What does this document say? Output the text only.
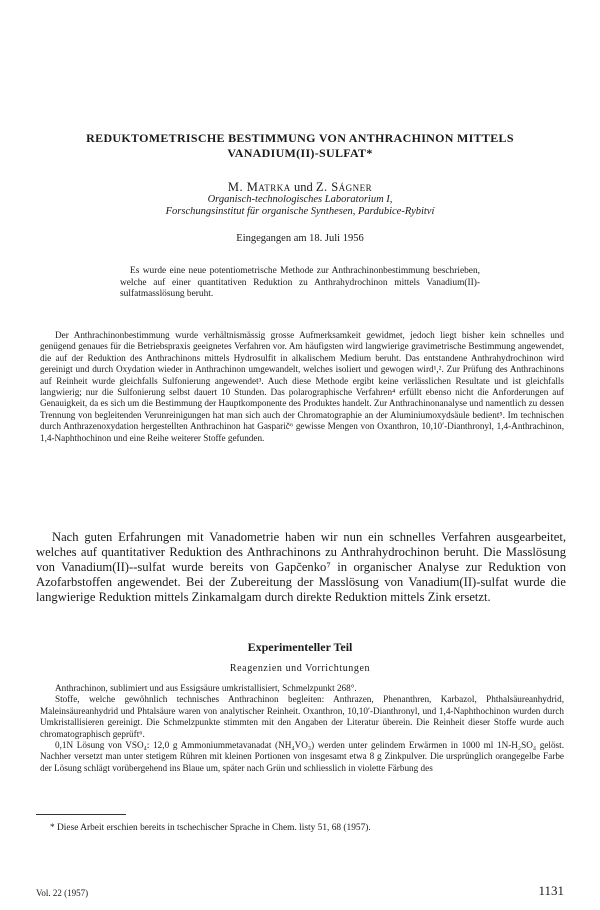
REDUKTOMETRISCHE BESTIMMUNG VON ANTHRACHINON MITTELS
VANADIUM(II)-SULFAT*
M. Matrka und Z. Ságner
Organisch-technologisches Laboratorium I,
Forschungsinstitut für organische Synthesen, Pardubice-Rybitví
Eingegangen am 18. Juli 1956
Es wurde eine neue potentiometrische Methode zur Anthrachinonbestimmung beschrieben, welche auf einer quantitativen Reduktion zu Anthrahydrochinon mittels Vanadium(II)-sulfatmasslösung beruht.
Der Anthrachinonbestimmung wurde verhältnismässig grosse Aufmerksamkeit gewidmet, jedoch liegt bisher kein schnelles und genügend genaues für die Betriebspraxis geeignetes Verfahren vor. Am häufigsten wird langwierige gravimetrische Bestimmung angewendet, die auf der Reduktion des Anthrachinons mittels Hydrosulfit in alkalischem Medium beruht. Das entstandene Anthrahydrochinon wird gereinigt und durch Oxydation wieder in Anthrachinon umgewandelt, welches isoliert und gewogen wird¹,². Zur Prüfung des Anthrachinons auf Reinheit wurde gleichfalls Sulfonierung angewendet³. Auch diese Methode ergibt keine verlässlichen Resultate und ist gleichfalls langwierig; nur die Sulfonierung selbst dauert 10 Stunden. Das polarographische Verfahren⁴ erfüllt ebenso nicht die Anforderungen auf Genauigkeit, da es sich um die Bestimmung der Hauptkomponente des Produktes handelt. Zur Anthrachinonanalyse und namentlich zu dessen Trennung von begleitenden Verunreinigungen hat man sich auch der Chromatographie an der Aluminiumoxydsäule bedient⁵. Im technischen durch Anthrazenoxydation hergestellten Anthrachinon hat Gasparič⁶ gewisse Mengen von Oxanthron, 10,10′-Dianthronyl, 1,4-Anthrachinon, 1,4-Naphthochinon und eine Reihe weiterer Stoffe gefunden.
Nach guten Erfahrungen mit Vanadometrie haben wir nun ein schnelles Verfahren ausgearbeitet, welches auf quantitativer Reduktion des Anthrachinons zu Anthrahydrochinon beruht. Die Masslösung von Vanadium(II)--sulfat wurde bereits von Gapčenko⁷ in organischer Analyse zur Reduktion von Azofarbstoffen angewendet. Bei der Zubereitung der Masslösung von Vanadium(II)-sulfat wurde die langwierige Reduktion mittels Zinkamalgam durch direkte Reduktion mittels Zink ersetzt.
Experimenteller Teil
Reagenzien und Vorrichtungen

Anthrachinon, sublimiert und aus Essigsäure umkristallisiert, Schmelzpunkt 268°.

Stoffe, welche gewöhnlich technisches Anthrachinon begleiten: Anthrazen, Phenanthren, Karbazol, Phthalsäureanhydrid, Maleinsäureanhydrid und Phtalsäure waren von analytischer Reinheit. Oxanthron, 10,10′-Dianthronyl, und 1,4-Naphthochinon wurden durch Umkristallisieren gereinigt. Die Schmelzpunkte stimmten mit den Angaben der Literatur überein. Die Reinheit dieser Stoffe wurde auch chromatographisch geprüft⁶.

0,1N Lösung von VSO₄: 12,0 g Ammoniummetavanadat (NH₄VO₃) werden unter gelindem Erwärmen in 1000 ml 1N-H₂SO₄ gelöst. Nachher versetzt man unter stetigem Rühren mit kleinen Portionen von insgesamt etwa 8 g Zinkpulver. Die ursprünglich orangegelbe Farbe der Lösung schlägt vorübergehend ins Blaue um, später nach Grün und schliesslich in violette Färbung des

* Diese Arbeit erschien bereits in tschechischer Sprache in Chem. listy 51, 68 (1957).
Vol. 22 (1957)	1131
